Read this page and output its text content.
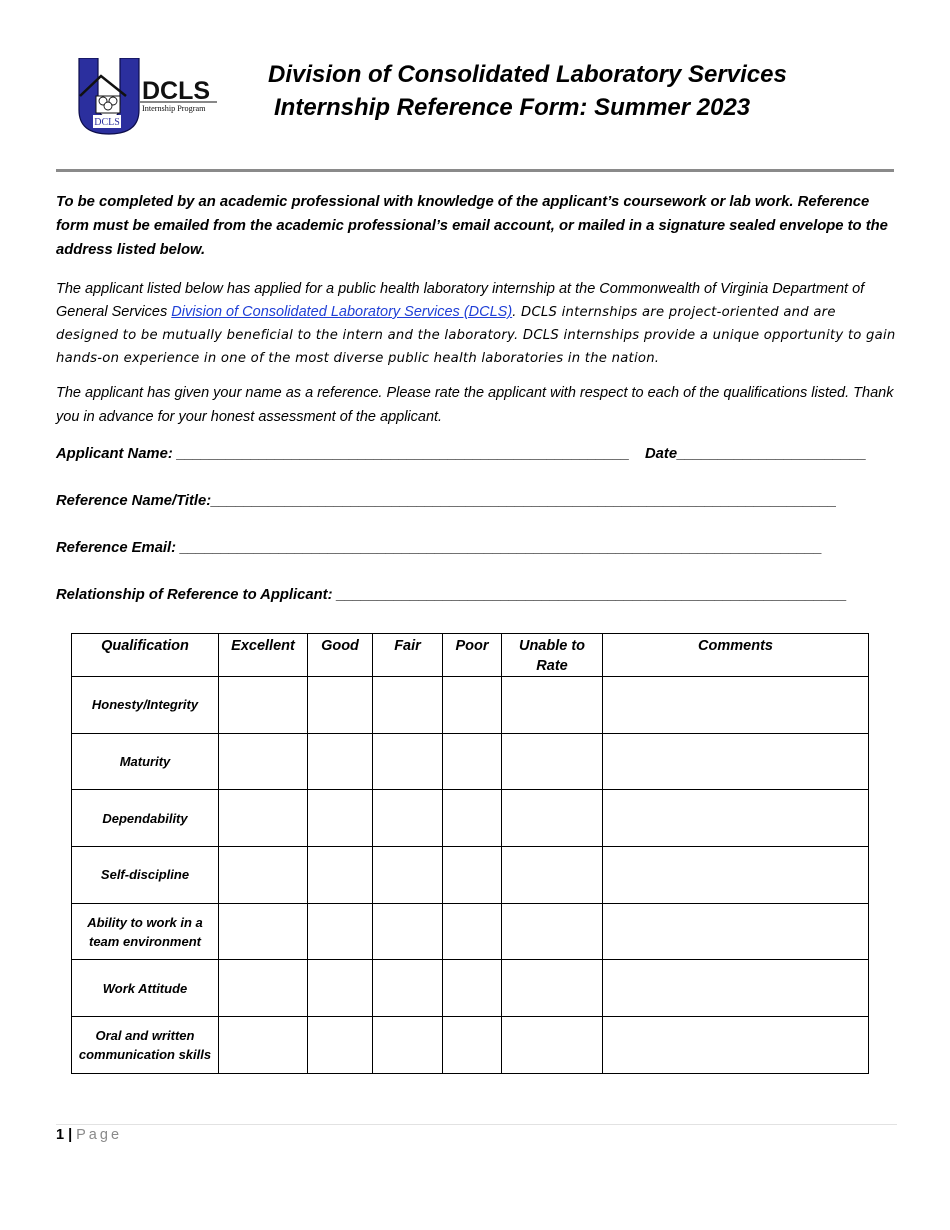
DCLS
DCLS
Internship Program
Division of Consolidated Laboratory Services
Internship Reference Form: Summer 2023
To be completed by an academic professional with knowledge of the applicant’s coursework or lab work. Reference form must be emailed from the academic professional’s email account, or mailed in a signature sealed envelope to the address listed below.
The applicant listed below has applied for a public health laboratory internship at the Commonwealth of Virginia Department of General Services Division of Consolidated Laboratory Services (DCLS). DCLS internships are project-oriented and are designed to be mutually beneficial to the intern and the laboratory. DCLS internships provide a unique opportunity to gain hands-on experience in one of the most diverse public health laboratories in the nation.
The applicant has given your name as a reference. Please rate the applicant with respect to each of the qualifications listed. Thank you in advance for your honest assessment of the applicant.
Applicant Name: _______________________________________________________ Date_______________________
Reference Name/Title:____________________________________________________________________________
Reference Email: ______________________________________________________________________________
Relationship of Reference to Applicant: ______________________________________________________________
Qualification	Excellent	Good	Fair	Poor	Unable to Rate	Comments
Honesty/Integrity						
Maturity						
Dependability						
Self-discipline						
Ability to work in a team environment						
Work Attitude						
Oral and written communication skills						
1 | Page
